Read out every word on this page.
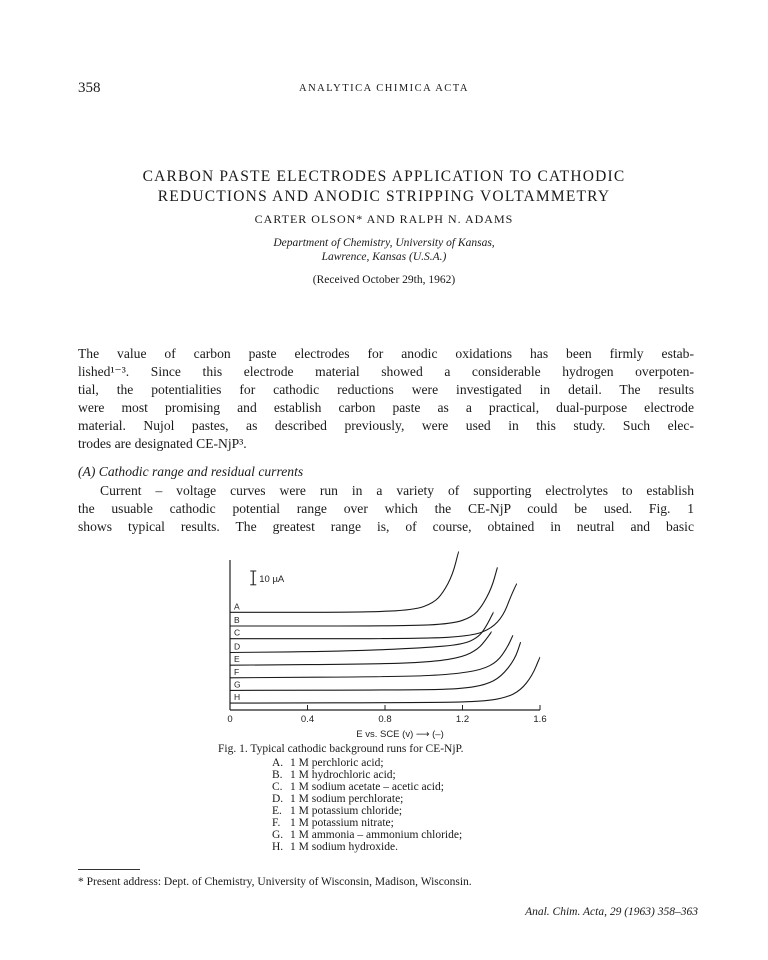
358	ANALYTICA CHIMICA ACTA
CARBON PASTE ELECTRODES APPLICATION TO CATHODIC
REDUCTIONS AND ANODIC STRIPPING VOLTAMMETRY
CARTER OLSON* AND RALPH N. ADAMS
Department of Chemistry, University of Kansas,
Lawrence, Kansas (U.S.A.)
(Received October 29th, 1962)
The value of carbon paste electrodes for anodic oxidations has been firmly estab-
lished¹⁻³. Since this electrode material showed a considerable hydrogen overpoten-
tial, the potentialities for cathodic reductions were investigated in detail. The results
were most promising and establish carbon paste as a practical, dual-purpose electrode
material. Nujol pastes, as described previously, were used in this study. Such elec-
trodes are designated CE-NjP³.
(A) Cathodic range and residual currents
Current – voltage curves were run in a variety of supporting electrolytes to establish
the usuable cathodic potential range over which the CE-NjP could be used. Fig. 1
shows typical results. The greatest range is, of course, obtained in neutral and basic
0	0.4	0.8	1.2	1.6
E vs. SCE (v) ⟶ (–)
10 µA
A
B
C
D
E
F
G
H
Fig. 1. Typical cathodic background runs for CE-NjP.
A. 1 M perchloric acid;
B. 1 M hydrochloric acid;
C. 1 M sodium acetate – acetic acid;
D. 1 M sodium perchlorate;
E. 1 M potassium chloride;
F. 1 M potassium nitrate;
G. 1 M ammonia – ammonium chloride;
H. 1 M sodium hydroxide.
* Present address: Dept. of Chemistry, University of Wisconsin, Madison, Wisconsin.
Anal. Chim. Acta, 29 (1963) 358–363
